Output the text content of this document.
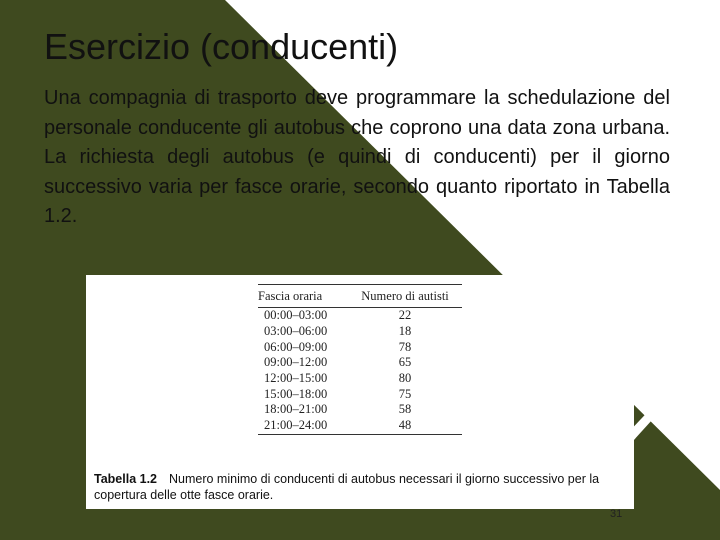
Esercizio (conducenti)
Una compagnia di trasporto deve programmare la schedulazione del personale conducente gli autobus che coprono una data zona urbana. La richiesta degli autobus (e quindi di conducenti) per il giorno successivo varia per fasce orarie, secondo quanto riportato in Tabella 1.2.
Fascia oraria	Numero di autisti
00:00–03:00	22
03:00–06:00	18
06:00–09:00	78
09:00–12:00	65
12:00–15:00	80
15:00–18:00	75
18:00–21:00	58
21:00–24:00	48
Tabella 1.2 Numero minimo di conducenti di autobus necessari il giorno successivo per la copertura delle otte fasce orarie.
31
